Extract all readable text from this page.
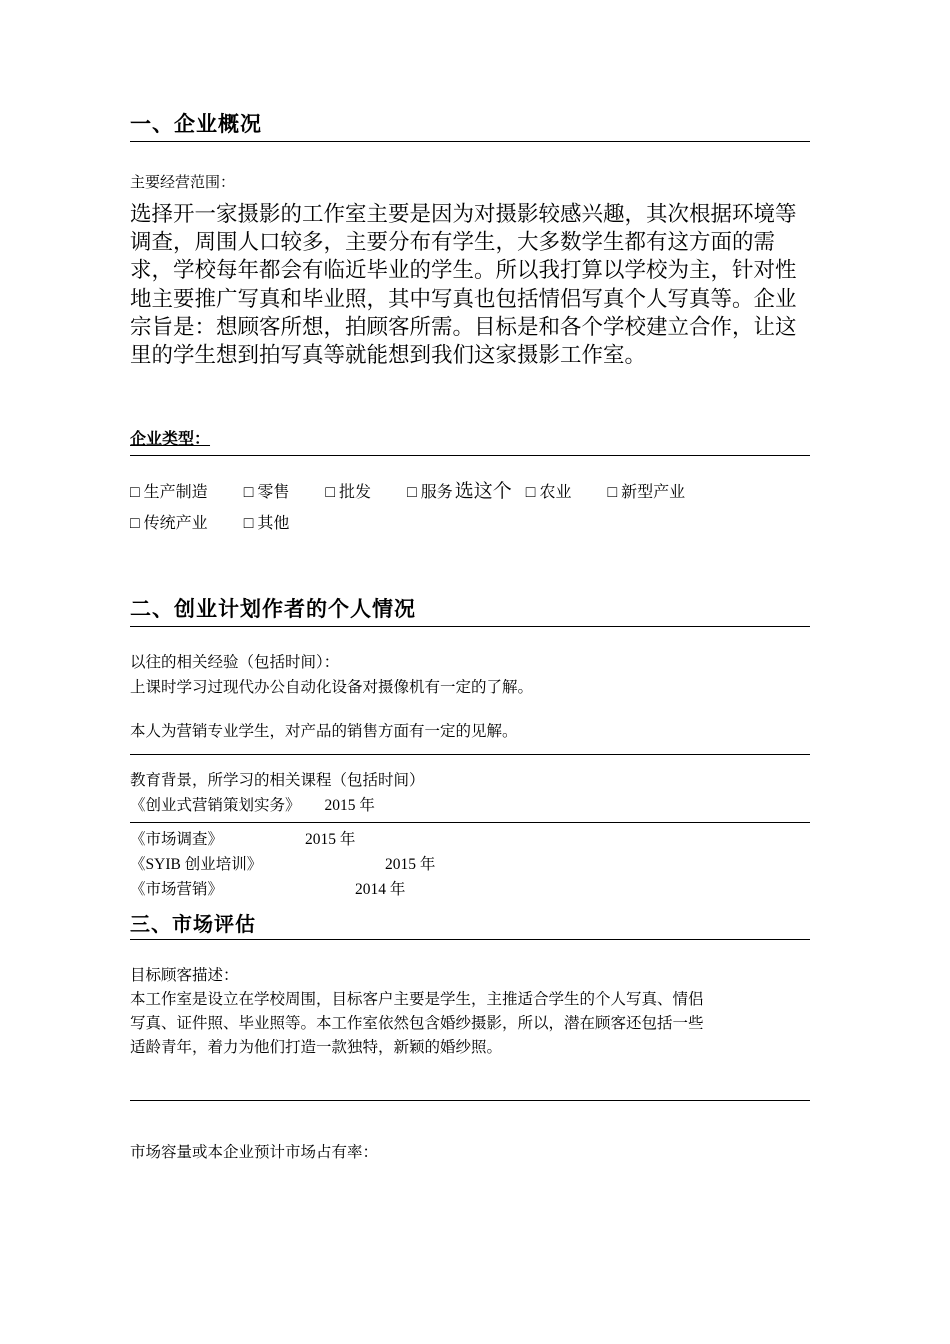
一、企业概况
主要经营范围：
选择开一家摄影的工作室主要是因为对摄影较感兴趣，其次根据环境等调查，周围人口较多，主要分布有学生，大多数学生都有这方面的需求，学校每年都会有临近毕业的学生。所以我打算以学校为主，针对性地主要推广写真和毕业照，其中写真也包括情侣写真个人写真等。企业宗旨是：想顾客所想，拍顾客所需。目标是和各个学校建立合作，让这里的学生想到拍写真等就能想到我们这家摄影工作室。
企业类型：
□ 生产制造 □ 零售 □ 批发 □ 服务 选这个 □ 农业 □ 新型产业
□ 传统产业 □ 其他
二、创业计划作者的个人情况
以往的相关经验（包括时间）：
上课时学习过现代办公自动化设备对摄像机有一定的了解。
本人为营销专业学生，对产品的销售方面有一定的见解。
教育背景，所学习的相关课程（包括时间）
《创业式营销策划实务》 2015 年
《市场调查》	2015 年
《SYIB 创业培训》	2015 年
《市场营销》	2014 年
三、市场评估
目标顾客描述：
本工作室是设立在学校周围，目标客户主要是学生，主推适合学生的个人写真、情侣
写真、证件照、毕业照等。本工作室依然包含婚纱摄影，所以，潜在顾客还包括一些
适龄青年，着力为他们打造一款独特，新颖的婚纱照。
市场容量或本企业预计市场占有率：
